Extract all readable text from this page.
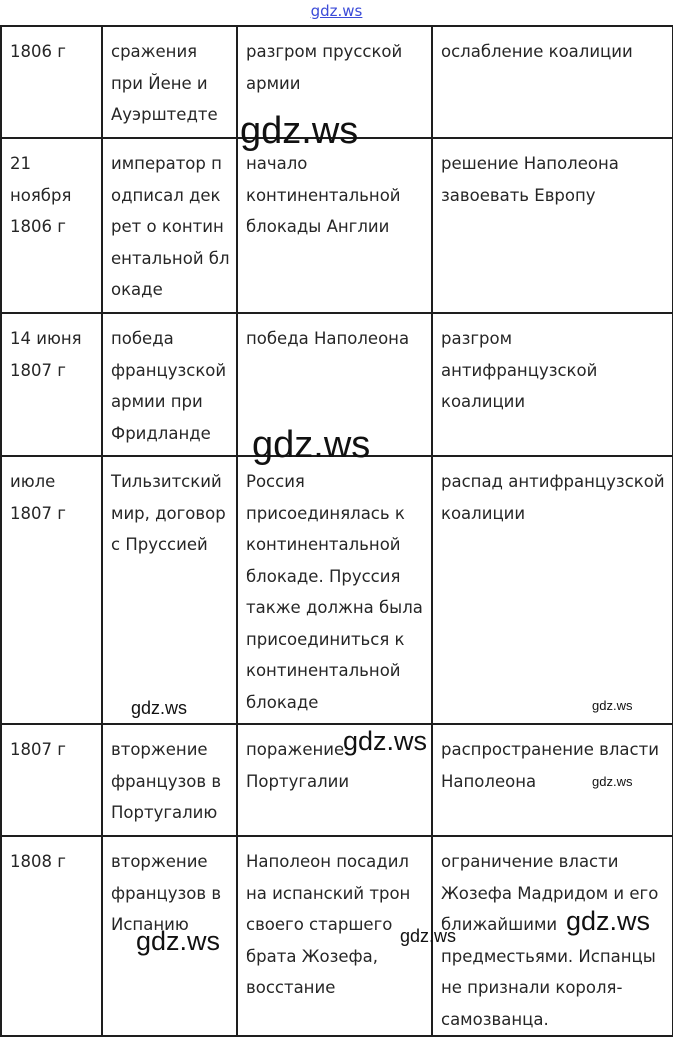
gdz.ws
1806 г	сражения при Йене и Ауэрштедте	разгром прусской армии	ослабление коалиции
21 ноября 1806 г	император подписал декрет о континентальной блокаде	начало континентальной блокады Англии	решение Наполеона завоевать Европу
14 июня 1807 г	победа французской армии при Фридланде	победа Наполеона	разгром антифранцузской коалиции
июле 1807 г	Тильзитский мир, договор с Пруссией	Россия присоединялась к континентальной блокаде. Пруссия также должна была присоединиться к континентальной блокаде	распад антифранцузской коалиции
1807 г	вторжение французов в Португалию	поражение Португалии	распространение власти Наполеона
1808 г	вторжение французов в Испанию	Наполеон посадил на испанский трон своего старшего брата Жозефа, восстание	ограничение власти Жозефа Мадридом и его ближайшими предместьями. Испанцы не признали короля-самозванца.
gdz.ws
gdz.ws
gdz.ws	gdz.ws
gdz.ws
gdz.ws
gdz.ws
gdz.ws
gdz.ws
